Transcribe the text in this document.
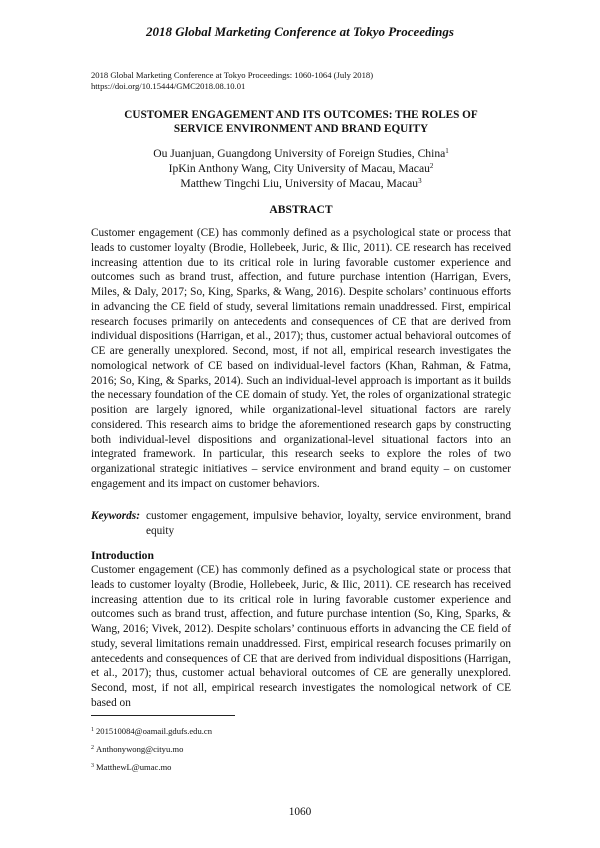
2018 Global Marketing Conference at Tokyo Proceedings
2018 Global Marketing Conference at Tokyo Proceedings: 1060-1064 (July 2018)
https://doi.org/10.15444/GMC2018.08.10.01
CUSTOMER ENGAGEMENT AND ITS OUTCOMES: THE ROLES OF
SERVICE ENVIRONMENT AND BRAND EQUITY
Ou Juanjuan, Guangdong University of Foreign Studies, China$^1$
IpKin Anthony Wang, City University of Macau, Macau$^2$
Matthew Tingchi Liu, University of Macau, Macau$^3$
ABSTRACT

Customer engagement (CE) has commonly defined as a psychological state or process that leads to customer loyalty (Brodie, Hollebeek, Juric, & Ilic, 2011). CE research has received increasing attention due to its critical role in luring favorable customer experience and outcomes such as brand trust, affection, and future purchase intention (Harrigan, Evers, Miles, & Daly, 2017; So, King, Sparks, & Wang, 2016). Despite scholars’ continuous efforts in advancing the CE field of study, several limitations remain unaddressed. First, empirical research focuses primarily on antecedents and consequences of CE that are derived from individual dispositions (Harrigan, et al., 2017); thus, customer actual behavioral outcomes of CE are generally unexplored. Second, most, if not all, empirical research investigates the nomological network of CE based on individual-level factors (Khan, Rahman, & Fatma, 2016; So, King, & Sparks, 2014). Such an individual-level approach is important as it builds the necessary foundation of the CE domain of study. Yet, the roles of organizational strategic position are largely ignored, while organizational-level situational factors are rarely considered. This research aims to bridge the aforementioned research gaps by constructing both individual-level dispositions and organizational-level situational factors into an integrated framework. In particular, this research seeks to explore the roles of two organizational strategic initiatives – service environment and brand equity – on customer engagement and its impact on customer behaviors.

Keywords: customer engagement, impulsive behavior, loyalty, service environment, brand equity
Introduction

Customer engagement (CE) has commonly defined as a psychological state or process that leads to customer loyalty (Brodie, Hollebeek, Juric, & Ilic, 2011). CE research has received increasing attention due to its critical role in luring favorable customer experience and outcomes such as brand trust, affection, and future purchase intention (So, King, Sparks, & Wang, 2016; Vivek, 2012). Despite scholars’ continuous efforts in advancing the CE field of study, several limitations remain unaddressed. First, empirical research focuses primarily on antecedents and consequences of CE that are derived from individual dispositions (Harrigan, et al., 2017); thus, customer actual behavioral outcomes of CE are generally unexplored. Second, most, if not all, empirical research investigates the nomological network of CE based on

$^1$ 201510084@oamail.gdufs.edu.cn
$^2$ Anthonywong@cityu.mo
$^3$ MatthewL@umac.mo
1060
